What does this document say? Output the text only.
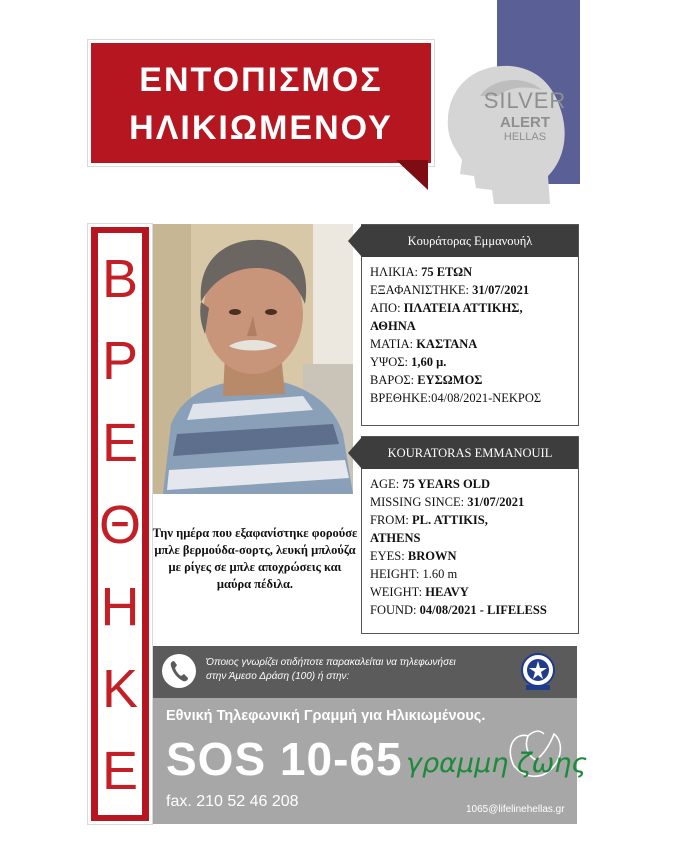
ΕΝΤΟΠΙΣΜΟΣ
ΗΛΙΚΙΩΜΕΝΟΥ
SILVER
ALERT
HELLAS
Β
Ρ
Ε
Θ
Η
Κ
Ε
Την ημέρα που εξαφανίστηκε φορούσε μπλε βερμούδα-σορτς, λευκή μπλούζα με ρίγες σε μπλε αποχρώσεις και μαύρα πέδιλα.
Κουράτορας Εμμανουήλ
ΗΛΙΚΙΑ: 75 ΕΤΩΝ
ΕΞΑΦΑΝΙΣΤΗΚΕ: 31/07/2021
ΑΠΟ: ΠΛΑΤΕΙΑ ΑΤΤΙΚΗΣ,
ΑΘΗΝΑ
ΜΑΤΙΑ: ΚΑΣΤΑΝΑ
ΥΨΟΣ: 1,60 μ.
ΒΑΡΟΣ: ΕΥΣΩΜΟΣ
ΒΡΕΘΗΚΕ:04/08/2021-ΝΕΚΡΟΣ
KOURATORAS EMMANOUIL
AGE: 75 YEARS OLD
MISSING SINCE: 31/07/2021
FROM: PL. ATTIKIS,
ATHENS
EYES: BROWN
HEIGHT: 1.60 m
WEIGHT: HEAVY
FOUND: 04/08/2021 - LIFELESS
Όποιος γνωρίζει οτιδήποτε παρακαλείται να τηλεφωνήσει στην Άμεσο Δράση (100) ή στην:
Εθνική Τηλεφωνική Γραμμή για Ηλικιωμένους.
SOS 10-65
fax. 210 52 46 208
γραμμη ζωης
1065@lifelinehellas.gr
